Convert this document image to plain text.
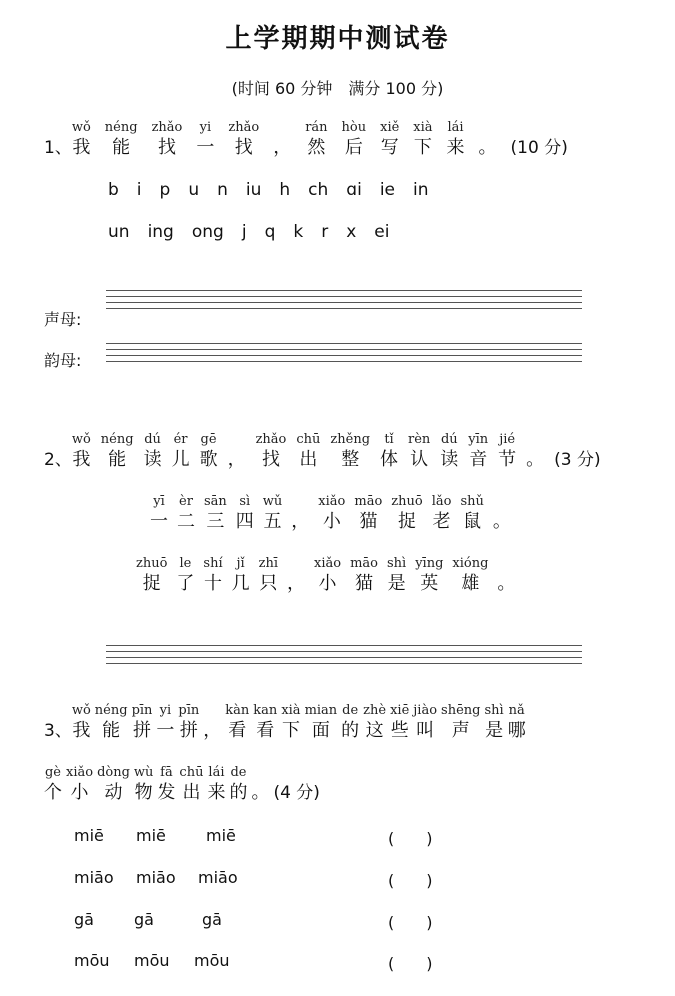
上学期期中测试卷
(时间 60 分钟　满分 100 分)
1、
wǒ
我
néng
能
zhǎo
找
yi
一
zhǎo
找 ，
rán
然
hòu
后
xiě
写
xià
下
lái
来 。 (10 分)
b i p u n iu h ch ɑi ie in
un ing ong j q k r x ei
声母:
韵母:
2、
wǒ
我
néng
能
dú
读
ér
儿
gē
歌 ，
zhǎo
找
chū
出
zhěng
整
tǐ
体
rèn
认
dú
读
yīn
音
jié
节 。 (3 分)
yī
一
èr
二
sān
三
sì
四
wǔ
五 ，
xiǎo
小
māo
猫
zhuō
捉
lǎo
老
shǔ
鼠 。
zhuō
捉
le
了
shí
十
jǐ
几
zhī
只 ，
xiǎo
小
māo
猫
shì
是
yīng
英
xióng
雄 。
3、
wǒ
我
néng
能
pīn
拼
yi
一
pīn
拼 ，
kàn
看
kan
看
xià
下
mian
面
de
的
zhè
这
xiē
些
jiào
叫
shēng
声
shì
是
nǎ
哪
gè
个
xiǎo
小
dòng
动
wù
物
fā
发
chū
出
lái
来
de
的 。 (4 分)
miē miē	miē	(　　)
miāo miāo miāo	(　　)
gā	gā	gā	(　　)
mōu mōu mōu	(　　)
